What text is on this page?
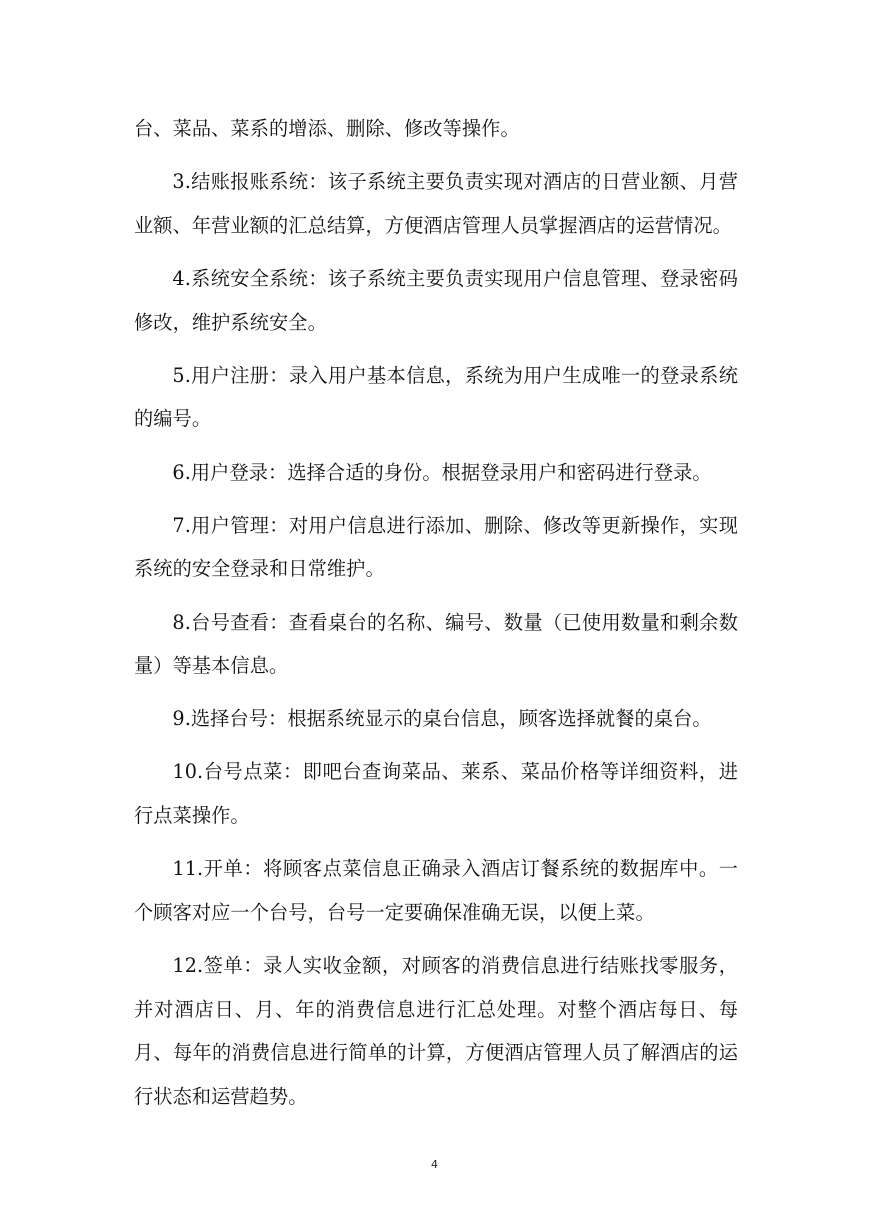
台、菜品、菜系的增添、删除、修改等操作。

3.结账报账系统：该子系统主要负责实现对酒店的日营业额、月营业额、年营业额的汇总结算，方便酒店管理人员掌握酒店的运营情况。

4.系统安全系统：该子系统主要负责实现用户信息管理、登录密码修改，维护系统安全。

5.用户注册：录入用户基本信息，系统为用户生成唯一的登录系统的编号。

6.用户登录：选择合适的身份。根据登录用户和密码进行登录。

7.用户管理：对用户信息进行添加、删除、修改等更新操作，实现系统的安全登录和日常维护。

8.台号查看：查看桌台的名称、编号、数量（已使用数量和剩余数量）等基本信息。

9.选择台号：根据系统显示的桌台信息，顾客选择就餐的桌台。

10.台号点菜：即吧台查询菜品、莱系、菜品价格等详细资料，进行点菜操作。

11.开单：将顾客点菜信息正确录入酒店订餐系统的数据库中。一个顾客对应一个台号，台号一定要确保准确无误，以便上菜。

12.签单：录人实收金额，对顾客的消费信息进行结账找零服务，并对酒店日、月、年的消费信息进行汇总处理。对整个酒店每日、每月、每年的消费信息进行简单的计算，方便酒店管理人员了解酒店的运行状态和运营趋势。

4
